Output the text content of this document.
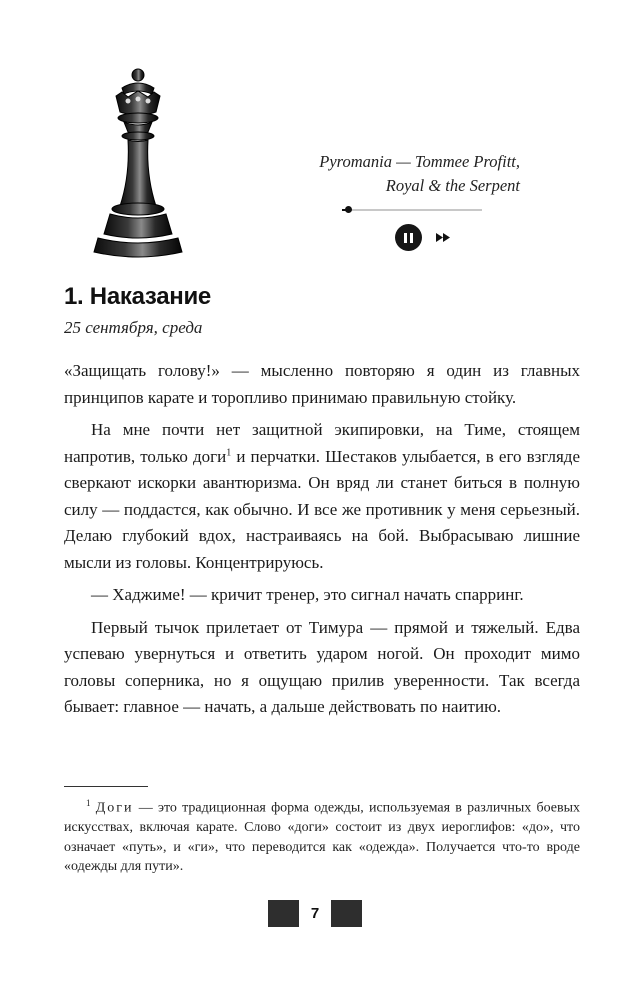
Pyromania — Tommee Profitt,
Royal & the Serpent
1. Наказание
25 сентября, среда

«Защищать голову!» — мысленно повторяю я один из главных принципов карате и торопливо принимаю правильную стойку.

На мне почти нет защитной экипировки, на Тиме, стоящем напротив, только доги$^1$ и перчатки. Шестаков улыбается, в его взгляде сверкают искорки авантюризма. Он вряд ли станет биться в полную силу — поддастся, как обычно. И все же противник у меня серьезный. Делаю глубокий вдох, настраиваясь на бой. Выбрасываю лишние мысли из головы. Концентрируюсь.

— Хаджиме! — кричит тренер, это сигнал начать спарринг.

Первый тычок прилетает от Тимура — прямой и тяжелый. Едва успеваю увернуться и ответить ударом ногой. Он проходит мимо головы соперника, но я ощущаю прилив уверенности. Так всегда бывает: главное — начать, а дальше действовать по наитию.

$^1$ Доги — это традиционная форма одежды, используемая в различных боевых искусствах, включая карате. Слово «доги» состоит из двух иероглифов: «до», что означает «путь», и «ги», что переводится как «одежда». Получается что-то вроде «одежды для пути».
7
